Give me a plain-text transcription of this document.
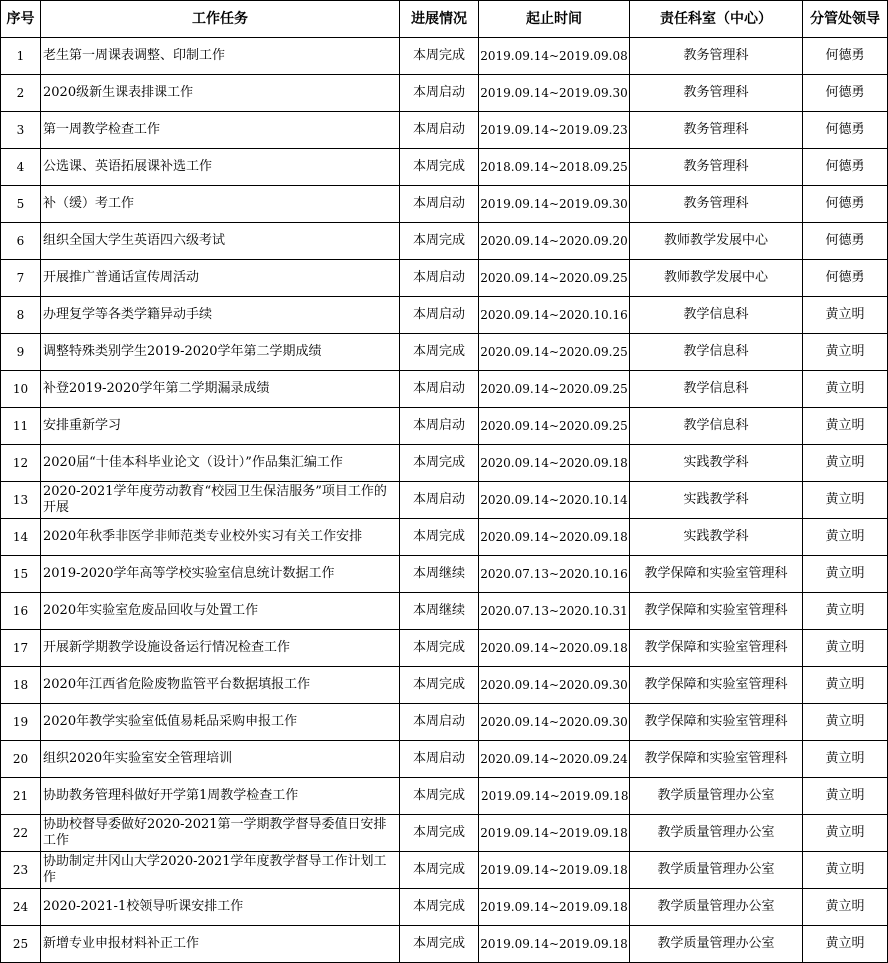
序号	工作任务	进展情况	起止时间	责任科室（中心）	分管处领导
1	老生第一周课表调整、印制工作	本周完成	2019.09.14~2019.09.08	教务管理科	何德勇
2	2020级新生课表排课工作	本周启动	2019.09.14~2019.09.30	教务管理科	何德勇
3	第一周教学检查工作	本周启动	2019.09.14~2019.09.23	教务管理科	何德勇
4	公选课、英语拓展课补选工作	本周完成	2018.09.14~2018.09.25	教务管理科	何德勇
5	补（缓）考工作	本周启动	2019.09.14~2019.09.30	教务管理科	何德勇
6	组织全国大学生英语四六级考试	本周完成	2020.09.14~2020.09.20	教师教学发展中心	何德勇
7	开展推广普通话宣传周活动	本周启动	2020.09.14~2020.09.25	教师教学发展中心	何德勇
8	办理复学等各类学籍异动手续	本周启动	2020.09.14~2020.10.16	教学信息科	黄立明
9	调整特殊类别学生2019-2020学年第二学期成绩	本周完成	2020.09.14~2020.09.25	教学信息科	黄立明
10	补登2019-2020学年第二学期漏录成绩	本周启动	2020.09.14~2020.09.25	教学信息科	黄立明
11	安排重新学习	本周启动	2020.09.14~2020.09.25	教学信息科	黄立明
12	2020届“十佳本科毕业论文（设计）”作品集汇编工作	本周完成	2020.09.14~2020.09.18	实践教学科	黄立明
13	2020-2021学年度劳动教育“校园卫生保洁服务”项目工作的开展	本周启动	2020.09.14~2020.10.14	实践教学科	黄立明
14	2020年秋季非医学非师范类专业校外实习有关工作安排	本周完成	2020.09.14~2020.09.18	实践教学科	黄立明
15	2019-2020学年高等学校实验室信息统计数据工作	本周继续	2020.07.13~2020.10.16	教学保障和实验室管理科	黄立明
16	2020年实验室危废品回收与处置工作	本周继续	2020.07.13~2020.10.31	教学保障和实验室管理科	黄立明
17	开展新学期教学设施设备运行情况检查工作	本周完成	2020.09.14~2020.09.18	教学保障和实验室管理科	黄立明
18	2020年江西省危险废物监管平台数据填报工作	本周完成	2020.09.14~2020.09.30	教学保障和实验室管理科	黄立明
19	2020年教学实验室低值易耗品采购申报工作	本周启动	2020.09.14~2020.09.30	教学保障和实验室管理科	黄立明
20	组织2020年实验室安全管理培训	本周启动	2020.09.14~2020.09.24	教学保障和实验室管理科	黄立明
21	协助教务管理科做好开学第1周教学检查工作	本周完成	2019.09.14~2019.09.18	教学质量管理办公室	黄立明
22	协助校督导委做好2020-2021第一学期教学督导委值日安排工作	本周完成	2019.09.14~2019.09.18	教学质量管理办公室	黄立明
23	协助制定井冈山大学2020-2021学年度教学督导工作计划工作	本周完成	2019.09.14~2019.09.18	教学质量管理办公室	黄立明
24	2020-2021-1校领导听课安排工作	本周完成	2019.09.14~2019.09.18	教学质量管理办公室	黄立明
25	新增专业申报材料补正工作	本周完成	2019.09.14~2019.09.18	教学质量管理办公室	黄立明
